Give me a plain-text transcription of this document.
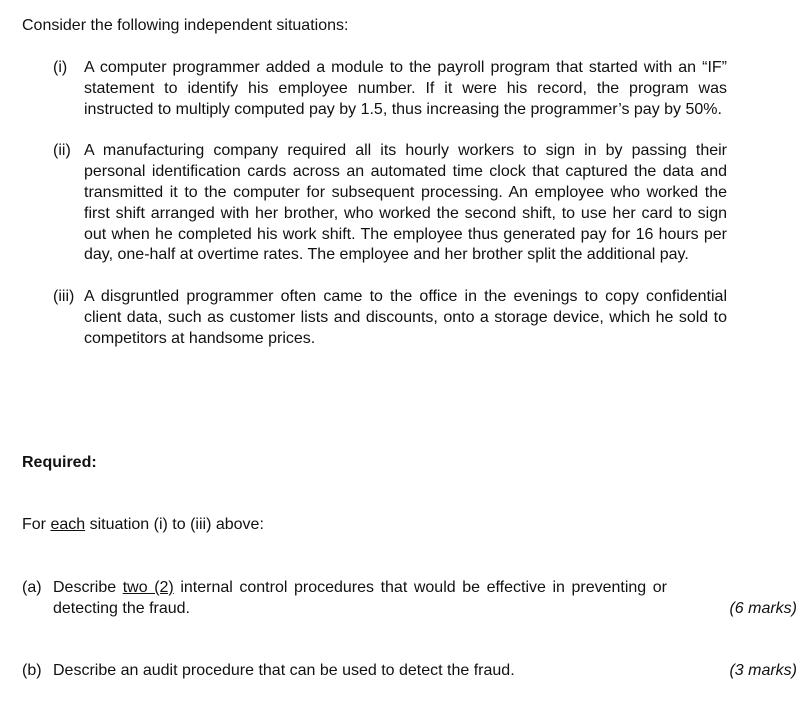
Consider the following independent situations:

(i) A computer programmer added a module to the payroll program that started with an “IF” statement to identify his employee number. If it were his record, the program was instructed to multiply computed pay by 1.5, thus increasing the programmer’s pay by 50%.
(ii) A manufacturing company required all its hourly workers to sign in by passing their personal identification cards across an automated time clock that captured the data and transmitted it to the computer for subsequent processing. An employee who worked the first shift arranged with her brother, who worked the second shift, to use her card to sign out when he completed his work shift. The employee thus generated pay for 16 hours per day, one-half at overtime rates. The employee and her brother split the additional pay.
(iii) A disgruntled programmer often came to the office in the evenings to copy confidential client data, such as customer lists and discounts, onto a storage device, which he sold to competitors at handsome prices.

Required:

For each situation (i) to (iii) above:

(a) Describe two (2) internal control procedures that would be effective in preventing or detecting the fraud.	(6 marks)
(b) Describe an audit procedure that can be used to detect the fraud.	(3 marks)
